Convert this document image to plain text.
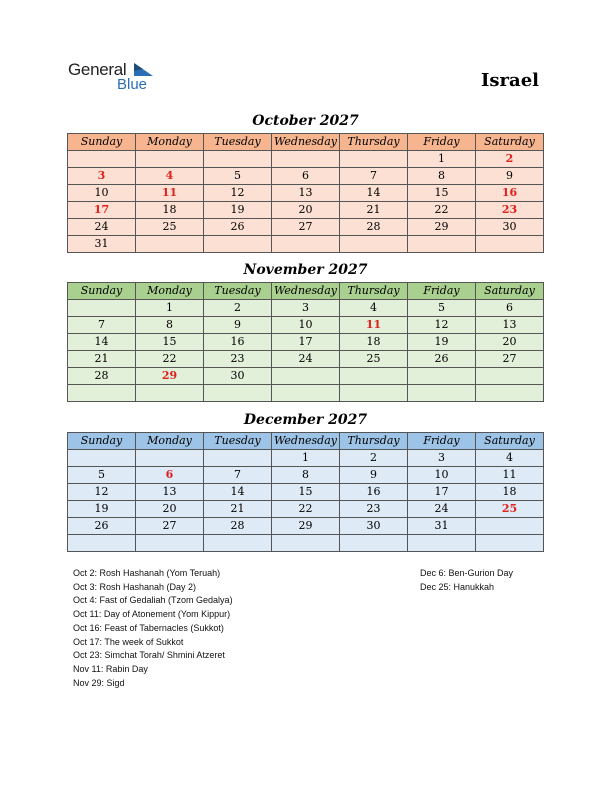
General
Blue	Israel
October 2027
Sunday	Monday	Tuesday	Wednesday	Thursday	Friday	Saturday
					1	2
3	4	5	6	7	8	9
10	11	12	13	14	15	16
17	18	19	20	21	22	23
24	25	26	27	28	29	30
31						
November 2027
Sunday	Monday	Tuesday	Wednesday	Thursday	Friday	Saturday
	1	2	3	4	5	6
7	8	9	10	11	12	13
14	15	16	17	18	19	20
21	22	23	24	25	26	27
28	29	30				

December 2027
Sunday	Monday	Tuesday	Wednesday	Thursday	Friday	Saturday
			1	2	3	4
5	6	7	8	9	10	11
12	13	14	15	16	17	18
19	20	21	22	23	24	25
26	27	28	29	30	31	

Oct 2: Rosh Hashanah (Yom Teruah)
Oct 3: Rosh Hashanah (Day 2)
Oct 4: Fast of Gedaliah (Tzom Gedalya)
Oct 11: Day of Atonement (Yom Kippur)
Oct 16: Feast of Tabernacles (Sukkot)
Oct 17: The week of Sukkot
Oct 23: Simchat Torah/ Shmini Atzeret
Nov 11: Rabin Day
Nov 29: Sigd
Dec 6: Ben-Gurion Day
Dec 25: Hanukkah
